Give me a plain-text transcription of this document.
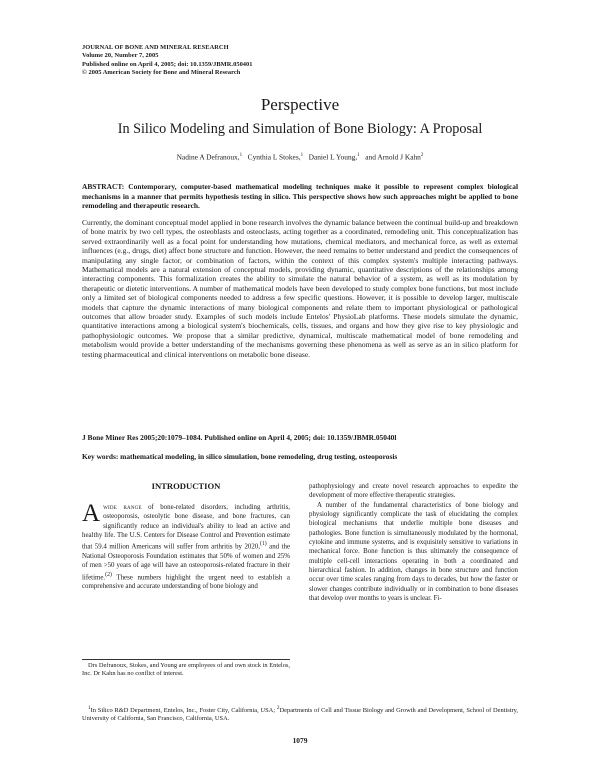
JOURNAL OF BONE AND MINERAL RESEARCH
Volume 20, Number 7, 2005
Published online on April 4, 2005; doi: 10.1359/JBMR.050401
© 2005 American Society for Bone and Mineral Research
Perspective
In Silico Modeling and Simulation of Bone Biology: A Proposal
Nadine A Defranoux,$^1$ Cynthia L Stokes,$^1$ Daniel L Young,$^1$ and Arnold J Kahn$^2$
ABSTRACT: Contemporary, computer-based mathematical modeling techniques make it possible to represent complex biological mechanisms in a manner that permits hypothesis testing in silico. This perspective shows how such approaches might be applied to bone remodeling and therapeutic research.
Currently, the dominant conceptual model applied in bone research involves the dynamic balance between the continual build-up and breakdown of bone matrix by two cell types, the osteoblasts and osteoclasts, acting together as a coordinated, remodeling unit. This conceptualization has served extraordinarily well as a focal point for understanding how mutations, chemical mediators, and mechanical force, as well as external influences (e.g., drugs, diet) affect bone structure and function. However, the need remains to better understand and predict the consequences of manipulating any single factor, or combination of factors, within the context of this complex system's multiple interacting pathways. Mathematical models are a natural extension of conceptual models, providing dynamic, quantitative descriptions of the relationships among interacting components. This formalization creates the ability to simulate the natural behavior of a system, as well as its modulation by therapeutic or dietetic interventions. A number of mathematical models have been developed to study complex bone functions, but most include only a limited set of biological components needed to address a few specific questions. However, it is possible to develop larger, multiscale models that capture the dynamic interactions of many biological components and relate them to important physiological or pathological outcomes that allow broader study. Examples of such models include Entelos' PhysioLab platforms. These models simulate the dynamic, quantitative interactions among a biological system's biochemicals, cells, tissues, and organs and how they give rise to key physiologic and pathophysiologic outcomes. We propose that a similar predictive, dynamical, multiscale mathematical model of bone remodeling and metabolism would provide a better understanding of the mechanisms governing these phenomena as well as serve as an in silico platform for testing pharmaceutical and clinical interventions on metabolic bone disease.
J Bone Miner Res 2005;20:1079–1084. Published online on April 4, 2005; doi: 10.1359/JBMR.05040l
Key words: mathematical modeling, in silico simulation, bone remodeling, drug testing, osteoporosis
INTRODUCTION
Awide range of bone-related disorders, including arthritis, osteoporosis, osteolytic bone disease, and bone fractures, can significantly reduce an individual's ability to lead an active and healthy life. The U.S. Centers for Disease Control and Prevention estimate that 59.4 million Americans will suffer from arthritis by 2020,$^{(1)}$ and the National Osteoporosis Foundation estimates that 50% of women and 25% of men >50 years of age will have an osteoporosis-related fracture in their lifetime.$^{(2)}$ These numbers highlight the urgent need to establish a comprehensive and accurate understanding of bone biology and
Drs Defranoux, Stokes, and Young are employees of and own stock in Entelos, Inc. Dr Kahn has no conflict of interest.

pathophysiology and create novel research approaches to expedite the development of more effective therapeutic strategies.

A number of the fundamental characteristics of bone biology and physiology significantly complicate the task of elucidating the complex biological mechanisms that underlie multiple bone diseases and pathologies. Bone function is simultaneously modulated by the hormonal, cytokine and immune systems, and is exquisitely sensitive to variations in mechanical force. Bone function is thus ultimately the consequence of multiple cell-cell interactions operating in both a coordinated and hierarchical fashion. In addition, changes in bone structure and function occur over time scales ranging from days to decades, but how the faster or slower changes contribute individually or in combination to bone diseases that develop over months to years is unclear. Fi-

$^1$In Silico R&D Department, Entelos, Inc., Foster City, California, USA; $^2$Departments of Cell and Tissue Biology and Growth and Development, School of Dentistry, University of California, San Francisco, California, USA.
1079
